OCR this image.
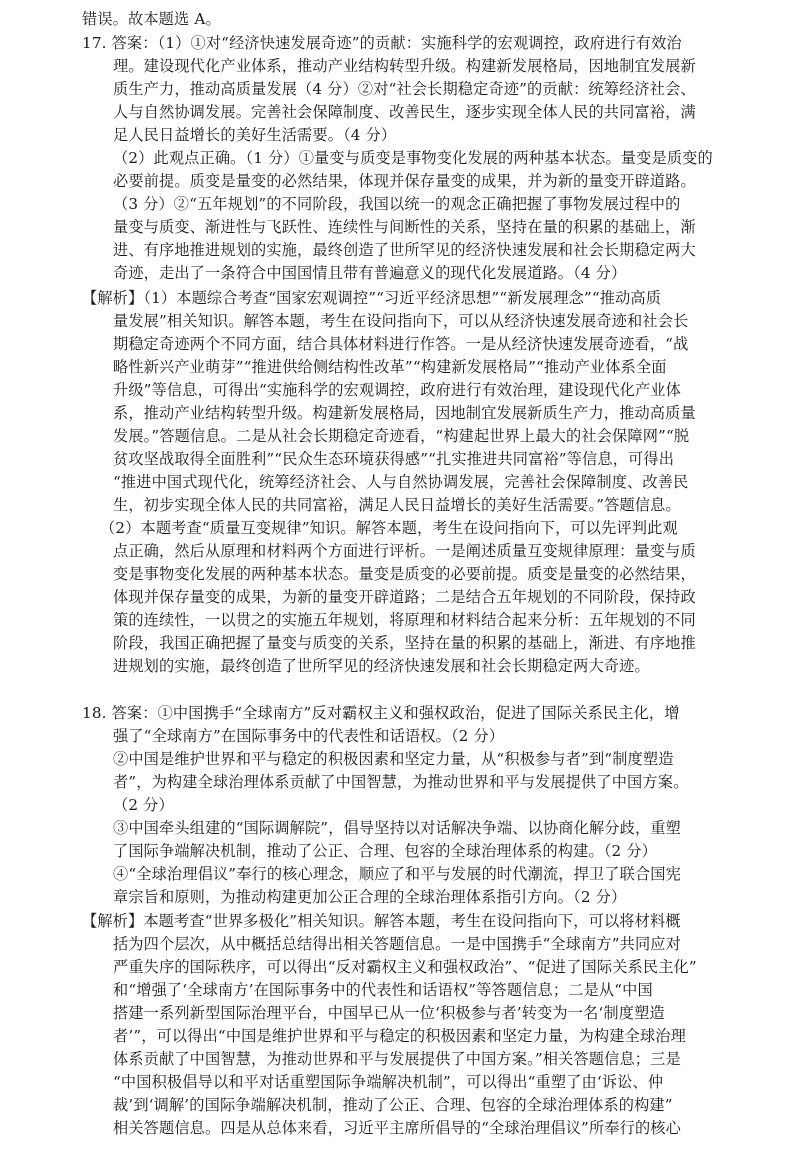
错误。故本题选 A。
17. 答案：（1）①对“经济快速发展奇迹”的贡献：实施科学的宏观调控，政府进行有效治
理。建设现代化产业体系，推动产业结构转型升级。构建新发展格局，因地制宜发展新
质生产力，推动高质量发展（4 分）②对“社会长期稳定奇迹”的贡献：统筹经济社会、
人与自然协调发展。完善社会保障制度、改善民生，逐步实现全体人民的共同富裕，满
足人民日益增长的美好生活需要。（4 分）
（2）此观点正确。（1 分）①量变与质变是事物变化发展的两种基本状态。量变是质变的
必要前提。质变是量变的必然结果，体现并保存量变的成果，并为新的量变开辟道路。
（3 分）②“五年规划”的不同阶段，我国以统一的观念正确把握了事物发展过程中的
量变与质变、渐进性与飞跃性、连续性与间断性的关系，坚持在量的积累的基础上，渐
进、有序地推进规划的实施，最终创造了世所罕见的经济快速发展和社会长期稳定两大
奇迹，走出了一条符合中国国情且带有普遍意义的现代化发展道路。（4 分）
【解析】（1）本题综合考查“国家宏观调控”“习近平经济思想”“新发展理念”“推动高质
量发展”相关知识。解答本题，考生在设问指向下，可以从经济快速发展奇迹和社会长
期稳定奇迹两个不同方面，结合具体材料进行作答。一是从经济快速发展奇迹看，“战
略性新兴产业萌芽”“推进供给侧结构性改革”“构建新发展格局”“推动产业体系全面
升级”等信息，可得出“实施科学的宏观调控，政府进行有效治理，建设现代化产业体
系，推动产业结构转型升级。构建新发展格局，因地制宜发展新质生产力，推动高质量
发展。”答题信息。二是从社会长期稳定奇迹看，“构建起世界上最大的社会保障网”“脱
贫攻坚战取得全面胜利”“民众生态环境获得感”“扎实推进共同富裕”等信息，可得出
“推进中国式现代化，统筹经济社会、人与自然协调发展，完善社会保障制度、改善民
生，初步实现全体人民的共同富裕，满足人民日益增长的美好生活需要。”答题信息。
（2）本题考查“质量互变规律”知识。解答本题，考生在设问指向下，可以先评判此观
点正确，然后从原理和材料两个方面进行评析。一是阐述质量互变规律原理：量变与质
变是事物变化发展的两种基本状态。量变是质变的必要前提。质变是量变的必然结果，
体现并保存量变的成果，为新的量变开辟道路；二是结合五年规划的不同阶段，保持政
策的连续性，一以贯之的实施五年规划，将原理和材料结合起来分析：五年规划的不同
阶段，我国正确把握了量变与质变的关系，坚持在量的积累的基础上，渐进、有序地推
进规划的实施，最终创造了世所罕见的经济快速发展和社会长期稳定两大奇迹。
18. 答案：①中国携手“全球南方”反对霸权主义和强权政治，促进了国际关系民主化，增
强了“全球南方”在国际事务中的代表性和话语权。（2 分）
②中国是维护世界和平与稳定的积极因素和坚定力量，从“积极参与者”到“制度塑造
者”，为构建全球治理体系贡献了中国智慧，为推动世界和平与发展提供了中国方案。
（2 分）
③中国牵头组建的“国际调解院”，倡导坚持以对话解决争端、以协商化解分歧，重塑
了国际争端解决机制，推动了公正、合理、包容的全球治理体系的构建。（2 分）
④“全球治理倡议”奉行的核心理念，顺应了和平与发展的时代潮流，捍卫了联合国宪
章宗旨和原则，为推动构建更加公正合理的全球治理体系指引方向。（2 分）
【解析】本题考查“世界多极化”相关知识。解答本题，考生在设问指向下，可以将材料概
括为四个层次，从中概括总结得出相关答题信息。一是中国携手“全球南方”共同应对
严重失序的国际秩序，可以得出“反对霸权主义和强权政治”、“促进了国际关系民主化”
和“增强了‘全球南方’在国际事务中的代表性和话语权”等答题信息；二是从“中国
搭建一系列新型国际治理平台，中国早已从一位‘积极参与者’转变为一名‘制度塑造
者’”，可以得出“中国是维护世界和平与稳定的积极因素和坚定力量，为构建全球治理
体系贡献了中国智慧，为推动世界和平与发展提供了中国方案。”相关答题信息；三是
“中国积极倡导以和平对话重塑国际争端解决机制”，可以得出“重塑了由‘诉讼、仲
裁’到‘调解’的国际争端解决机制，推动了公正、合理、包容的全球治理体系的构建”
相关答题信息。四是从总体来看，习近平主席所倡导的“全球治理倡议”所奉行的核心
